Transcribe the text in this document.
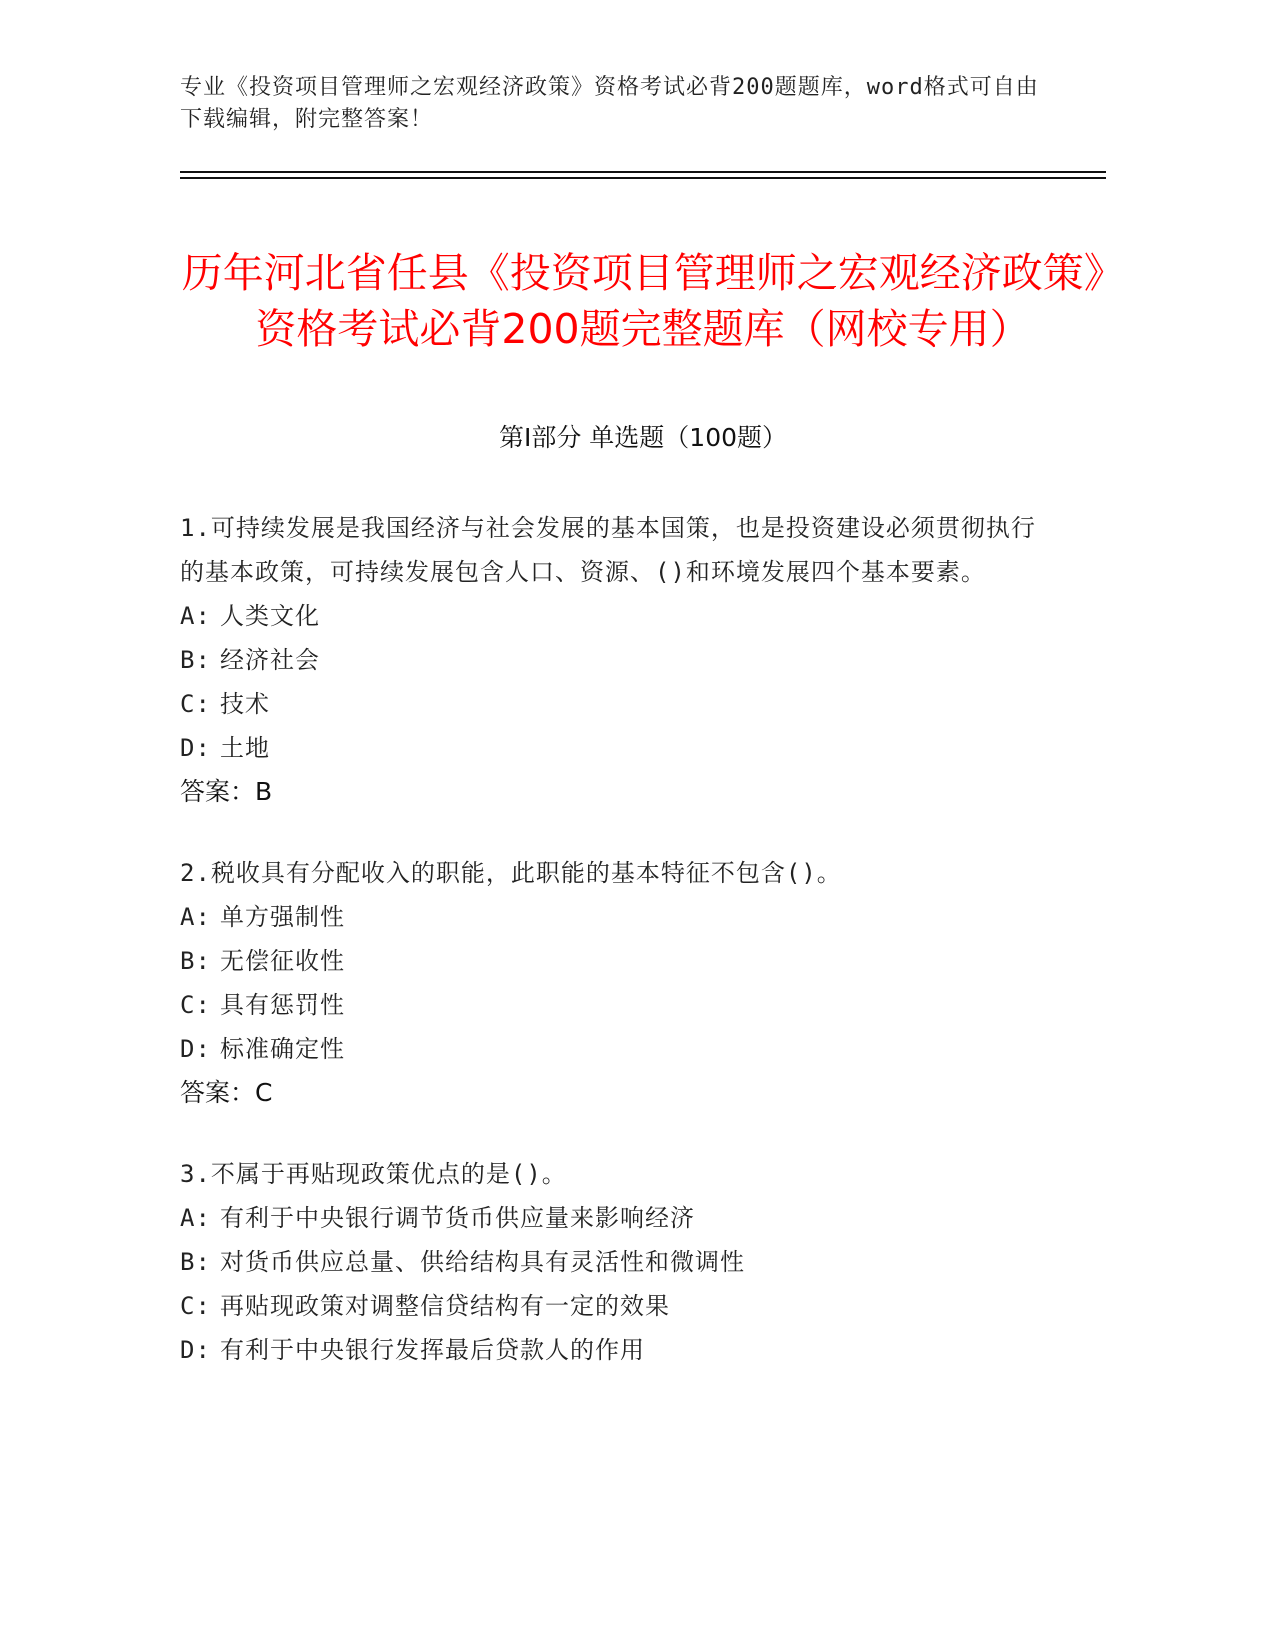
专业《投资项目管理师之宏观经济政策》资格考试必背200题题库，word格式可自由下载编辑，附完整答案！
历年河北省任县《投资项目管理师之宏观经济政策》资格考试必背200题完整题库（网校专用）
第I部分 单选题（100题）
1.可持续发展是我国经济与社会发展的基本国策，也是投资建设必须贯彻执行的基本政策，可持续发展包含人口、资源、()和环境发展四个基本要素。
A: 人类文化
B: 经济社会
C: 技术
D: 土地
答案：B
2.税收具有分配收入的职能，此职能的基本特征不包含()。
A: 单方强制性
B: 无偿征收性
C: 具有惩罚性
D: 标准确定性
答案：C
3.不属于再贴现政策优点的是()。
A: 有利于中央银行调节货币供应量来影响经济
B: 对货币供应总量、供给结构具有灵活性和微调性
C: 再贴现政策对调整信贷结构有一定的效果
D: 有利于中央银行发挥最后贷款人的作用
